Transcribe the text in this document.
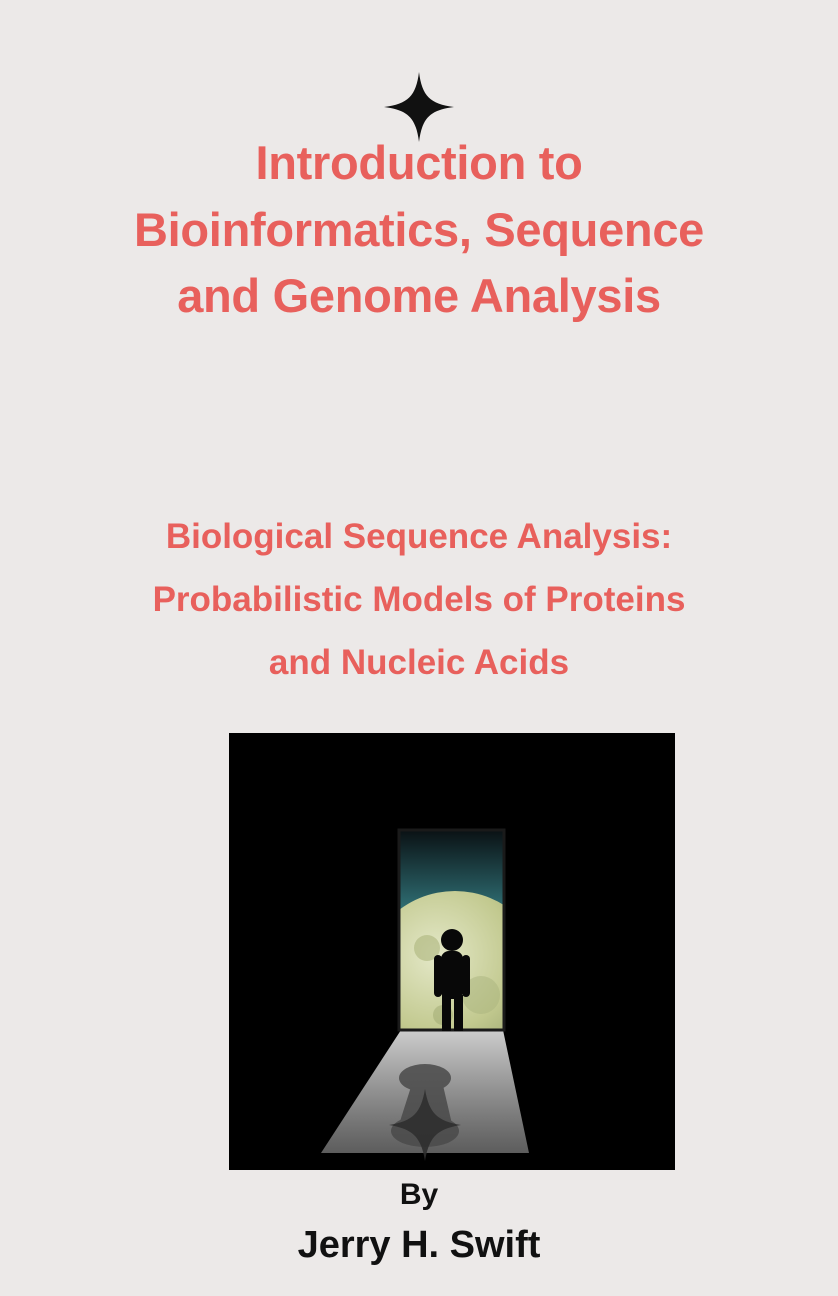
Introduction to
Bioinformatics, Sequence
and Genome Analysis
Biological Sequence Analysis:
Probabilistic Models of Proteins
and Nucleic Acids
By
Jerry H. Swift
